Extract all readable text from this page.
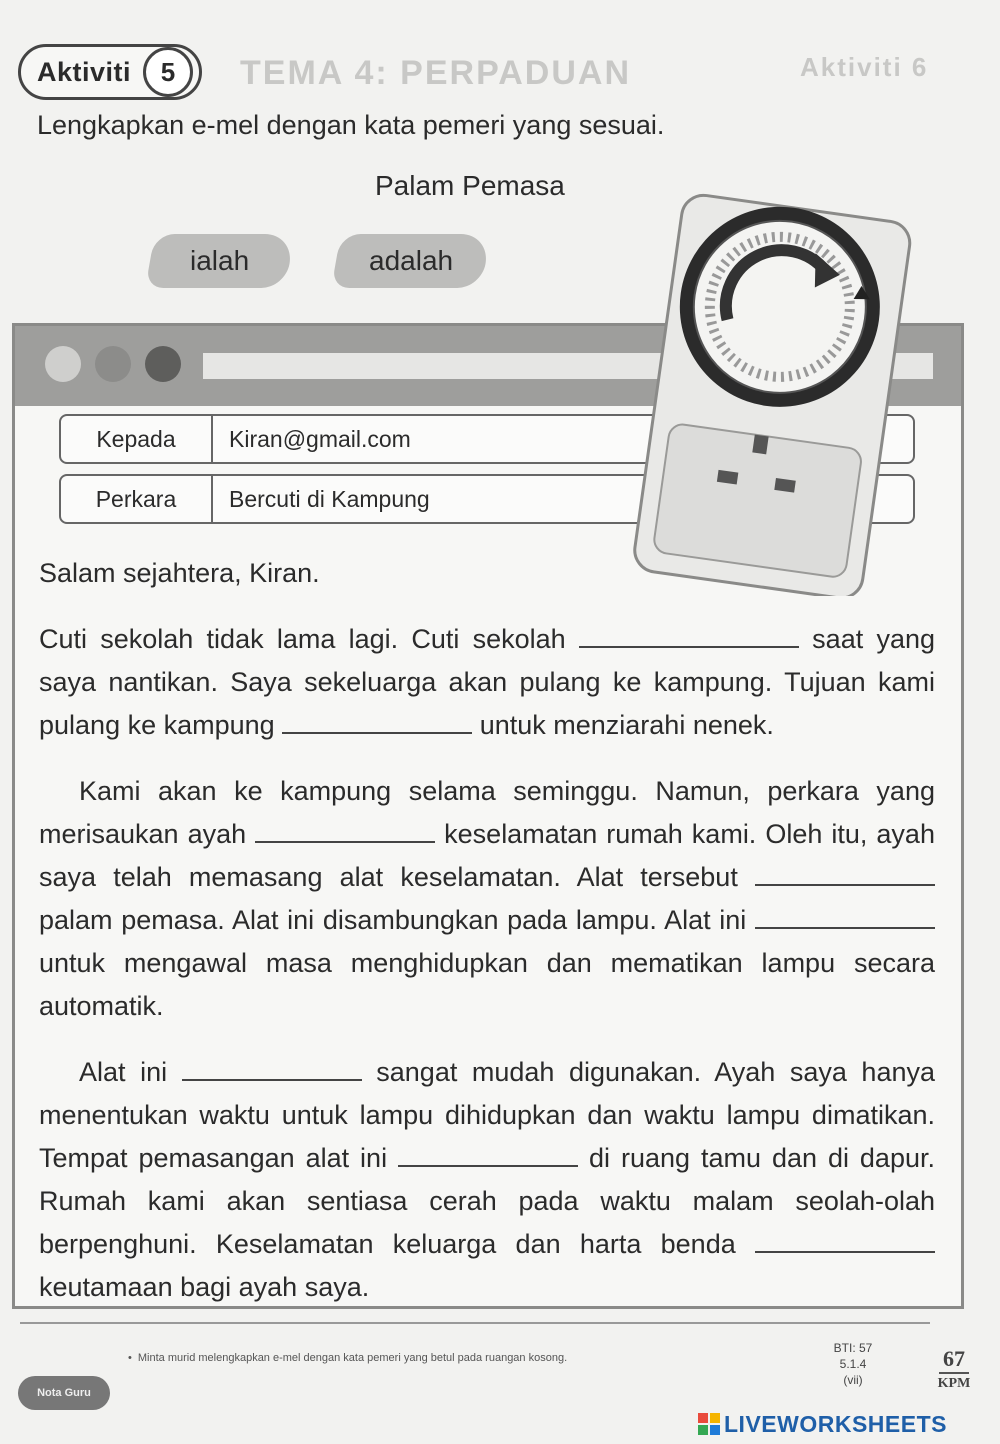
TEMA 4: PERPADUAN	Aktiviti 6
Aktiviti	5
Lengkapkan e-mel dengan kata pemeri yang sesuai.
Palam Pemasa
ialah	adalah
Kepada	Kiran@gmail.com
Perkara	Bercuti di Kampung

Salam sejahtera, Kiran.

Cuti sekolah tidak lama lagi. Cuti sekolah	saat yang saya nantikan. Saya sekeluarga akan pulang ke kampung. Tujuan kami pulang ke kampung	untuk menziarahi nenek.

Kami akan ke kampung selama seminggu. Namun, perkara yang merisaukan ayah	keselamatan rumah kami. Oleh itu, ayah saya telah memasang alat keselamatan. Alat tersebut  palam pemasa. Alat ini disambungkan pada lampu. Alat ini  untuk mengawal masa menghidupkan dan mematikan lampu secara automatik.

Alat ini	sangat mudah digunakan. Ayah saya hanya menentukan waktu untuk lampu dihidupkan dan waktu lampu dimatikan. Tempat pemasangan alat ini	di ruang tamu dan di dapur. Rumah kami akan sentiasa cerah pada waktu malam seolah-olah berpenghuni. Keselamatan keluarga dan harta benda  keutamaan bagi ayah saya.

• Minta murid melengkapkan e-mel dengan kata pemeri yang betul pada ruangan kosong.
Nota Guru
BTI: 57
5.1.4
(vii)
67
KPM
LIVEWORKSHEETS
